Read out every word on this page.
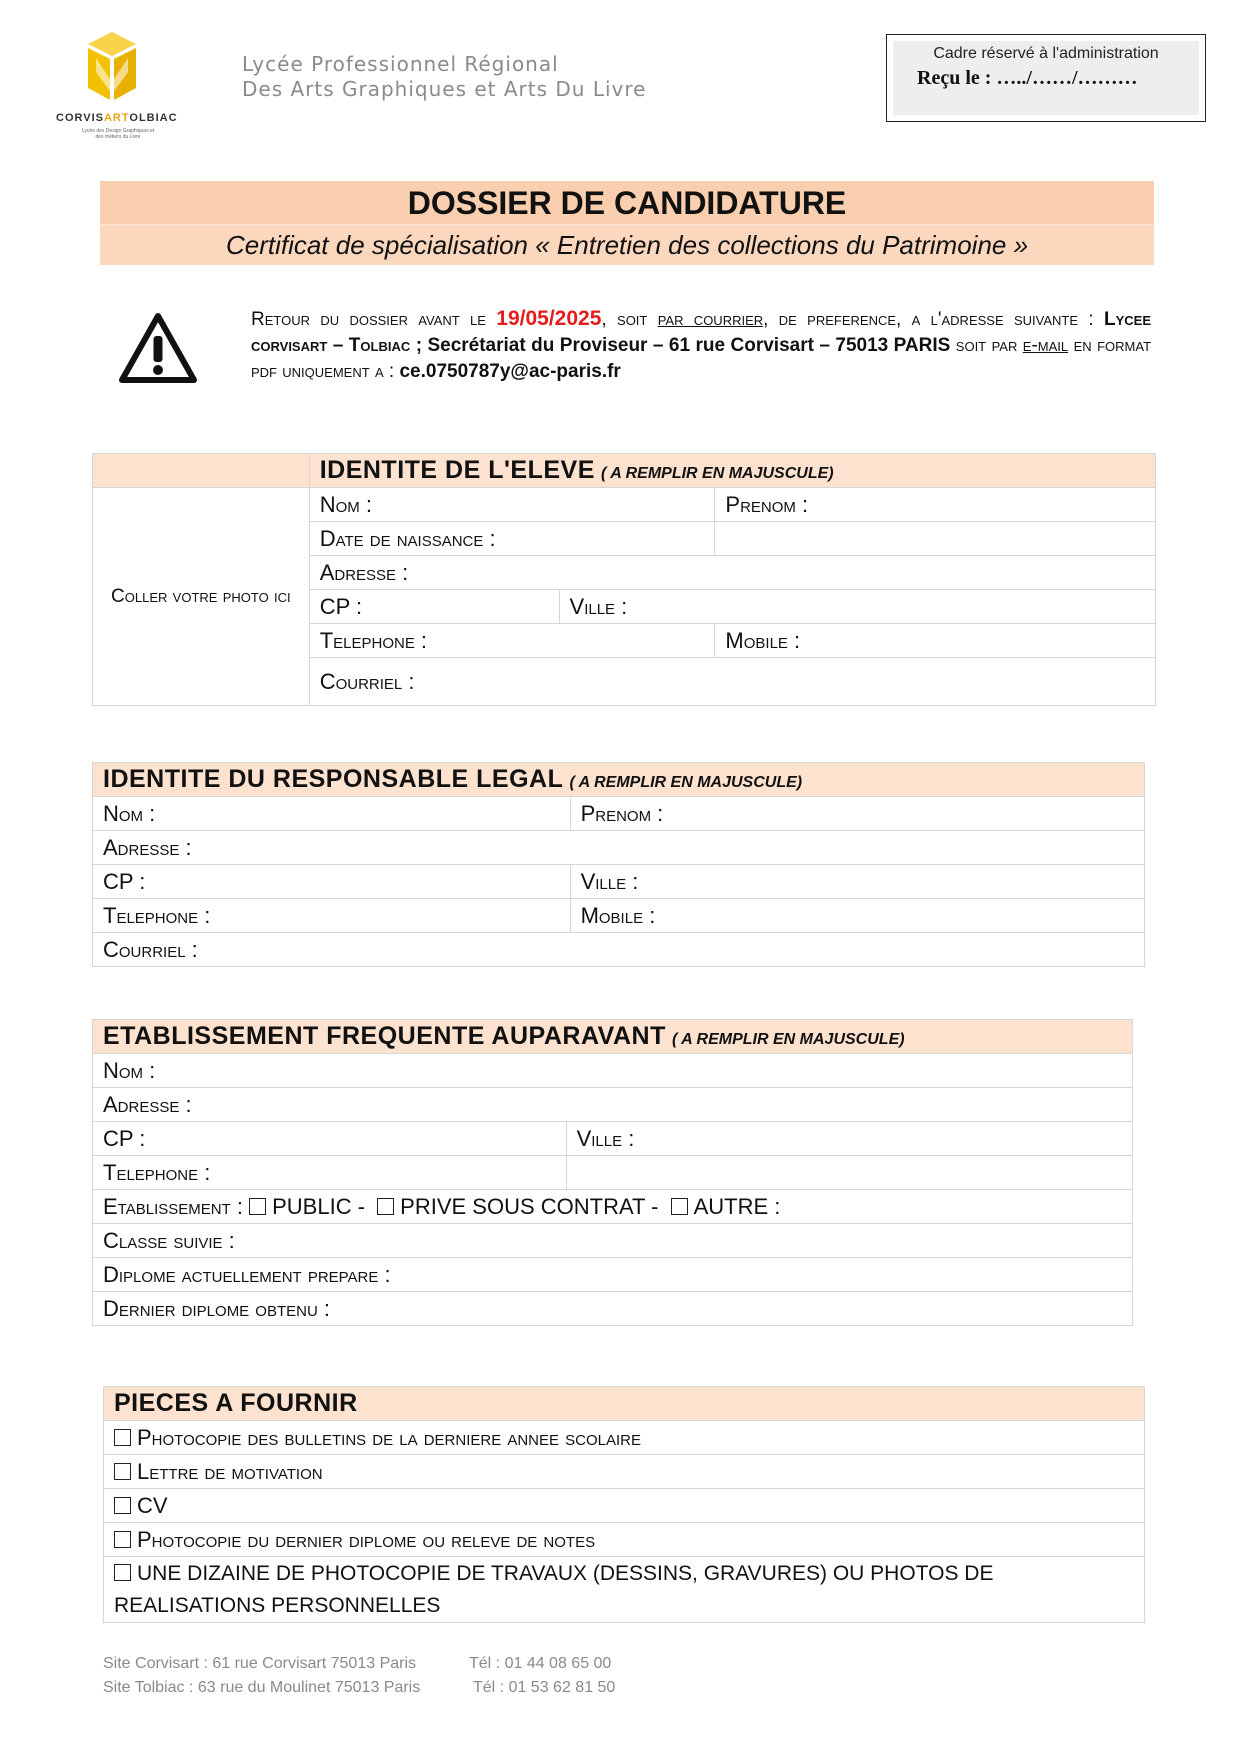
CORVISARTOLBIAC
Lycée des Design Graphiques et des métiers du Livre
Lycée Professionnel Régional
Des Arts Graphiques et Arts Du Livre
Cadre réservé à l'administration
Reçu le : …../……/………
DOSSIER DE CANDIDATURE
Certificat de spécialisation « Entretien des collections du Patrimoine »
Retour du dossier avant le 19/05/2025, soit par courrier, de preference, a l'adresse suivante : Lycee corvisart – Tolbiac ; Secrétariat du Proviseur – 61 rue Corvisart – 75013 PARIS soit par e-mail en format pdf uniquement a : ce.0750787y@ac-paris.fr
	IDENTITE DE L'ELEVE ( A REMPLIR EN MAJUSCULE)		
Coller votre photo ici	Nom :		Prenom :
	Date de naissance :		
	Adresse :		
	CP :	Ville :	
	Telephone :		Mobile :
	Courriel :		
IDENTITE DU RESPONSABLE LEGAL ( A REMPLIR EN MAJUSCULE)	
Nom :	Prenom :
Adresse :	
CP :	Ville :
Telephone :	Mobile :
Courriel :	
ETABLISSEMENT FREQUENTE AUPARAVANT ( A REMPLIR EN MAJUSCULE)	
Nom :	
Adresse :	
CP :	Ville :
Telephone :	
Etablissement : PUBLIC - PRIVE SOUS CONTRAT - AUTRE :	
Classe suivie :	
Diplome actuellement prepare :	
Dernier diplome obtenu :	
PIECES A FOURNIR
Photocopie des bulletins de la derniere annee scolaire
Lettre de motivation
CV
Photocopie du dernier diplome ou releve de notes
UNE DIZAINE DE PHOTOCOPIE DE TRAVAUX (DESSINS, GRAVURES) OU PHOTOS DE REALISATIONS PERSONNELLES
Site Corvisart : 61 rue Corvisart 75013 Paris	Tél : 01 44 08 65 00
Site Tolbiac : 63 rue du Moulinet 75013 Paris	Tél : 01 53 62 81 50
